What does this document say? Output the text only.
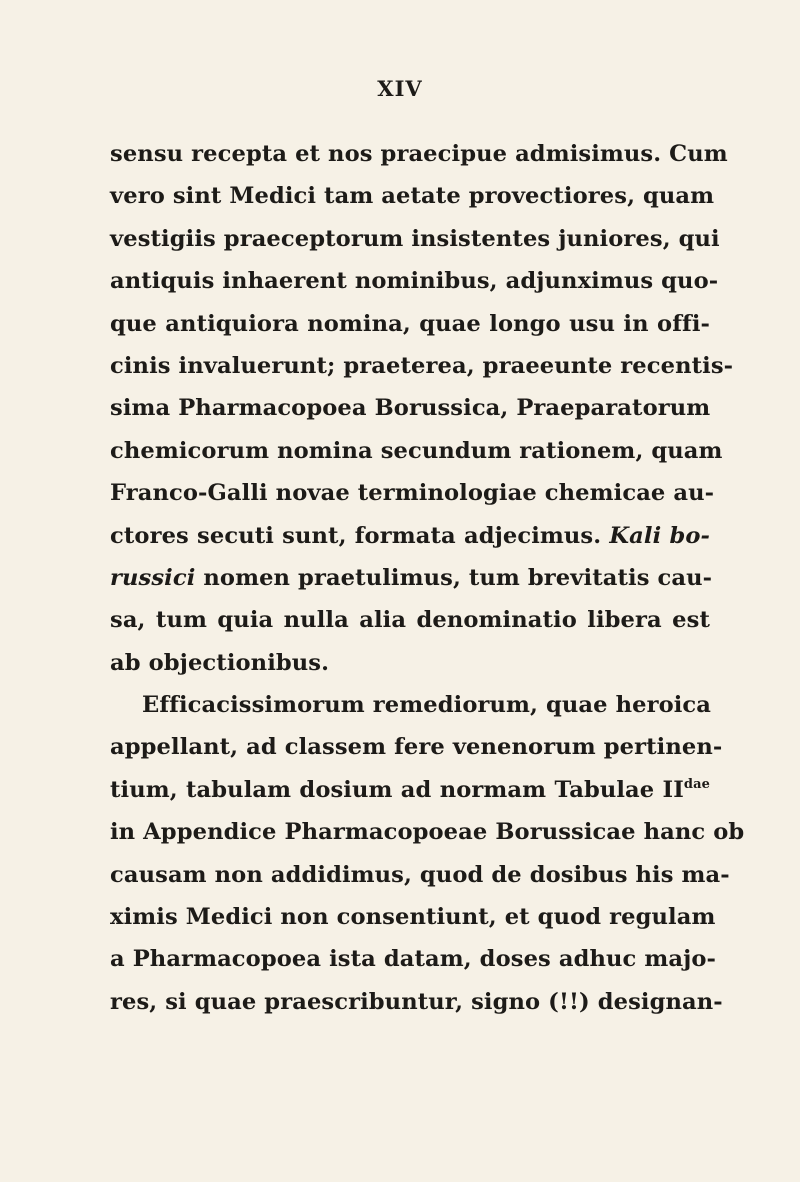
XIV
sensu recepta et nos praecipue admisimus. Cum
vero sint Medici tam aetate provectiores, quam
vestigiis praeceptorum insistentes juniores, qui
antiquis inhaerent nominibus, adjunximus quo-
que antiquiora nomina, quae longo usu in offi-
cinis invaluerunt; praeterea, praeeunte recentis-
sima Pharmacopoea Borussica, Praeparatorum
chemicorum nomina secundum rationem, quam
Franco-Galli novae terminologiae chemicae au-
ctores secuti sunt, formata adjecimus. Kali bo-
russici nomen praetulimus, tum brevitatis cau-
sa, tum quia nulla alia denominatio libera est
ab objectionibus.
Efficacissimorum remediorum, quae heroica
appellant, ad classem fere venenorum pertinen-
tium, tabulam dosium ad normam Tabulae $II^{dae}$
in Appendice Pharmacopoeae Borussicae hanc ob
causam non addidimus, quod de dosibus his ma-
ximis Medici non consentiunt, et quod regulam
a Pharmacopoea ista datam, doses adhuc majo-
res, si quae praescribuntur, signo (!!) designan-
